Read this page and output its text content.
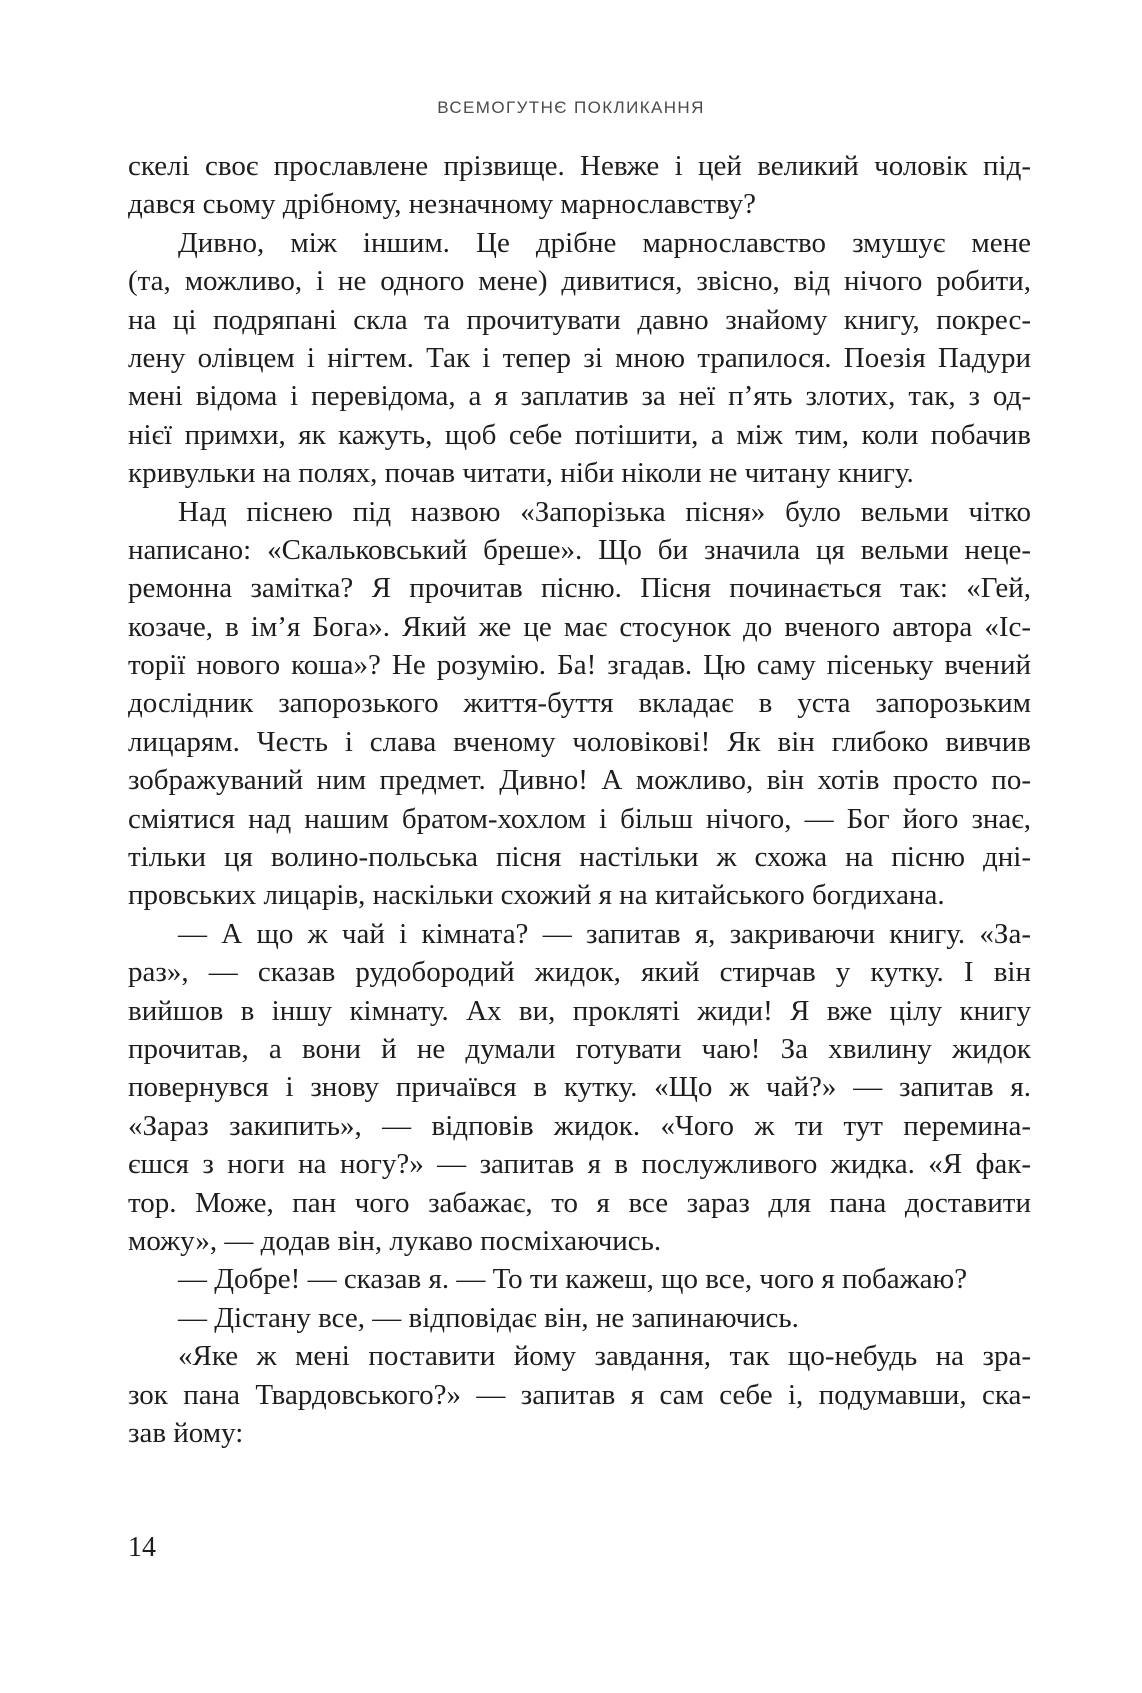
ВСЕМОГУТНЄ ПОКЛИКАННЯ
скелі своє прославлене прізвище. Невже і цей великий чоловік під-
дався сьому дрібному, незначному марнославству?
Дивно, між іншим. Це дрібне марнославство змушує мене
(та, можливо, і не одного мене) дивитися, звісно, від нічого робити,
на ці подряпані скла та прочитувати давно знайому книгу, покрес-
лену олівцем і нігтем. Так і тепер зі мною трапилося. Поезія Падури
мені відома і перевідома, а я заплатив за неї п’ять злотих, так, з од-
нієї примхи, як кажуть, щоб себе потішити, а між тим, коли побачив
кривульки на полях, почав читати, ніби ніколи не читану книгу.
Над піснею під назвою «Запорізька пісня» було вельми чітко
написано: «Скальковський бреше». Що би значила ця вельми неце-
ремонна замітка? Я прочитав пісню. Пісня починається так: «Гей,
козаче, в ім’я Бога». Який же це має стосунок до вченого автора «Іс-
торії нового коша»? Не розумію. Ба! згадав. Цю саму пісеньку вчений
дослідник запорозького життя-буття вкладає в уста запорозьким
лицарям. Честь і слава вченому чоловікові! Як він глибоко вивчив
зображуваний ним предмет. Дивно! А можливо, він хотів просто по-
сміятися над нашим братом-хохлом і більш нічого, — Бог його знає,
тільки ця волино-польська пісня настільки ж схожа на пісню дні-
провських лицарів, наскільки схожий я на китайського богдихана.
— А що ж чай і кімната? — запитав я, закриваючи книгу. «За-
раз», — сказав рудобородий жидок, який стирчав у кутку. І він
вийшов в іншу кімнату. Ах ви, прокляті жиди! Я вже цілу книгу
прочитав, а вони й не думали готувати чаю! За хвилину жидок
повернувся і знову причаївся в кутку. «Що ж чай?» — запитав я.
«Зараз закипить», — відповів жидок. «Чого ж ти тут перемина-
єшся з ноги на ногу?» — запитав я в послужливого жидка. «Я фак-
тор. Може, пан чого забажає, то я все зараз для пана доставити
можу», — додав він, лукаво посміхаючись.
— Добре! — сказав я. — То ти кажеш, що все, чого я побажаю?
— Дістану все, — відповідає він, не запинаючись.
«Яке ж мені поставити йому завдання, так що-небудь на зра-
зок пана Твардовського?» — запитав я сам себе і, подумавши, ска-
зав йому:
14
